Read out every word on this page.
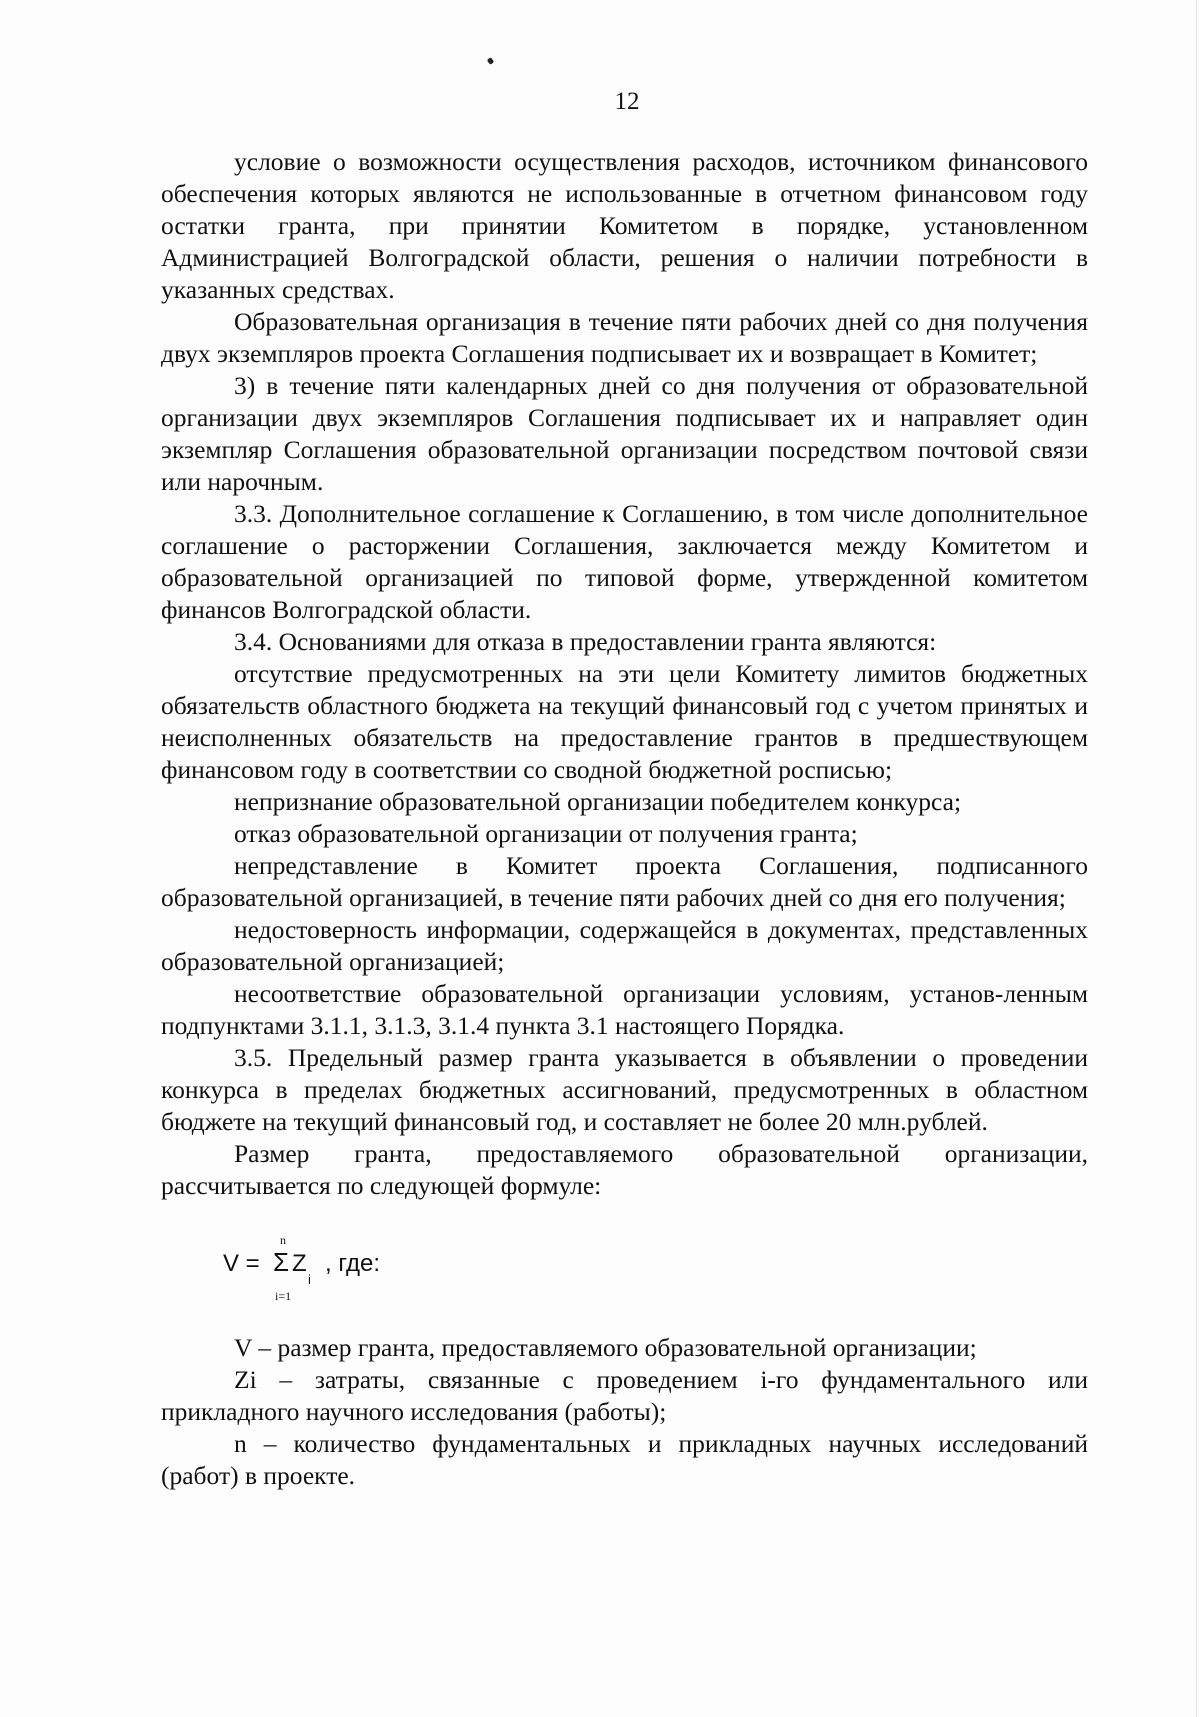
12

условие о возможности осуществления расходов, источником финансового обеспечения которых являются не использованные в отчетном финансовом году остатки гранта, при принятии Комитетом в порядке, установленном Администрацией Волгоградской области, решения о наличии потребности в указанных средствах.

Образовательная организация в течение пяти рабочих дней со дня получения двух экземпляров проекта Соглашения подписывает их и возвращает в Комитет;

3) в течение пяти календарных дней со дня получения от образовательной организации двух экземпляров Соглашения подписывает их и направляет один экземпляр Соглашения образовательной организации посредством почтовой связи или нарочным.

3.3. Дополнительное соглашение к Соглашению, в том числе дополнительное соглашение о расторжении Соглашения, заключается между Комитетом и образовательной организацией по типовой форме, утвержденной комитетом финансов Волгоградской области.

3.4. Основаниями для отказа в предоставлении гранта являются:

отсутствие предусмотренных на эти цели Комитету лимитов бюджетных обязательств областного бюджета на текущий финансовый год с учетом принятых и неисполненных обязательств на предоставление грантов в предшествующем финансовом году в соответствии со сводной бюджетной росписью;

непризнание образовательной организации победителем конкурса;

отказ образовательной организации от получения гранта;

непредставление в Комитет проекта Соглашения, подписанного образовательной организацией, в течение пяти рабочих дней со дня его получения;

недостоверность информации, содержащейся в документах, представленных образовательной организацией;

несоответствие образовательной организации условиям, установ-ленным подпунктами 3.1.1, 3.1.3, 3.1.4 пункта 3.1 настоящего Порядка.

3.5. Предельный размер гранта указывается в объявлении о проведении конкурса в пределах бюджетных ассигнований, предусмотренных в областном бюджете на текущий финансовый год, и составляет не более 20 млн.рублей.

Размер гранта, предоставляемого образовательной организации, рассчитывается по следующей формуле:

V =
n
Σ
i=1
Z
i
, где:

V – размер гранта, предоставляемого образовательной организации;

Zi – затраты, связанные с проведением i-го фундаментального или прикладного научного исследования (работы);

n – количество фундаментальных и прикладных научных исследований (работ) в проекте.
